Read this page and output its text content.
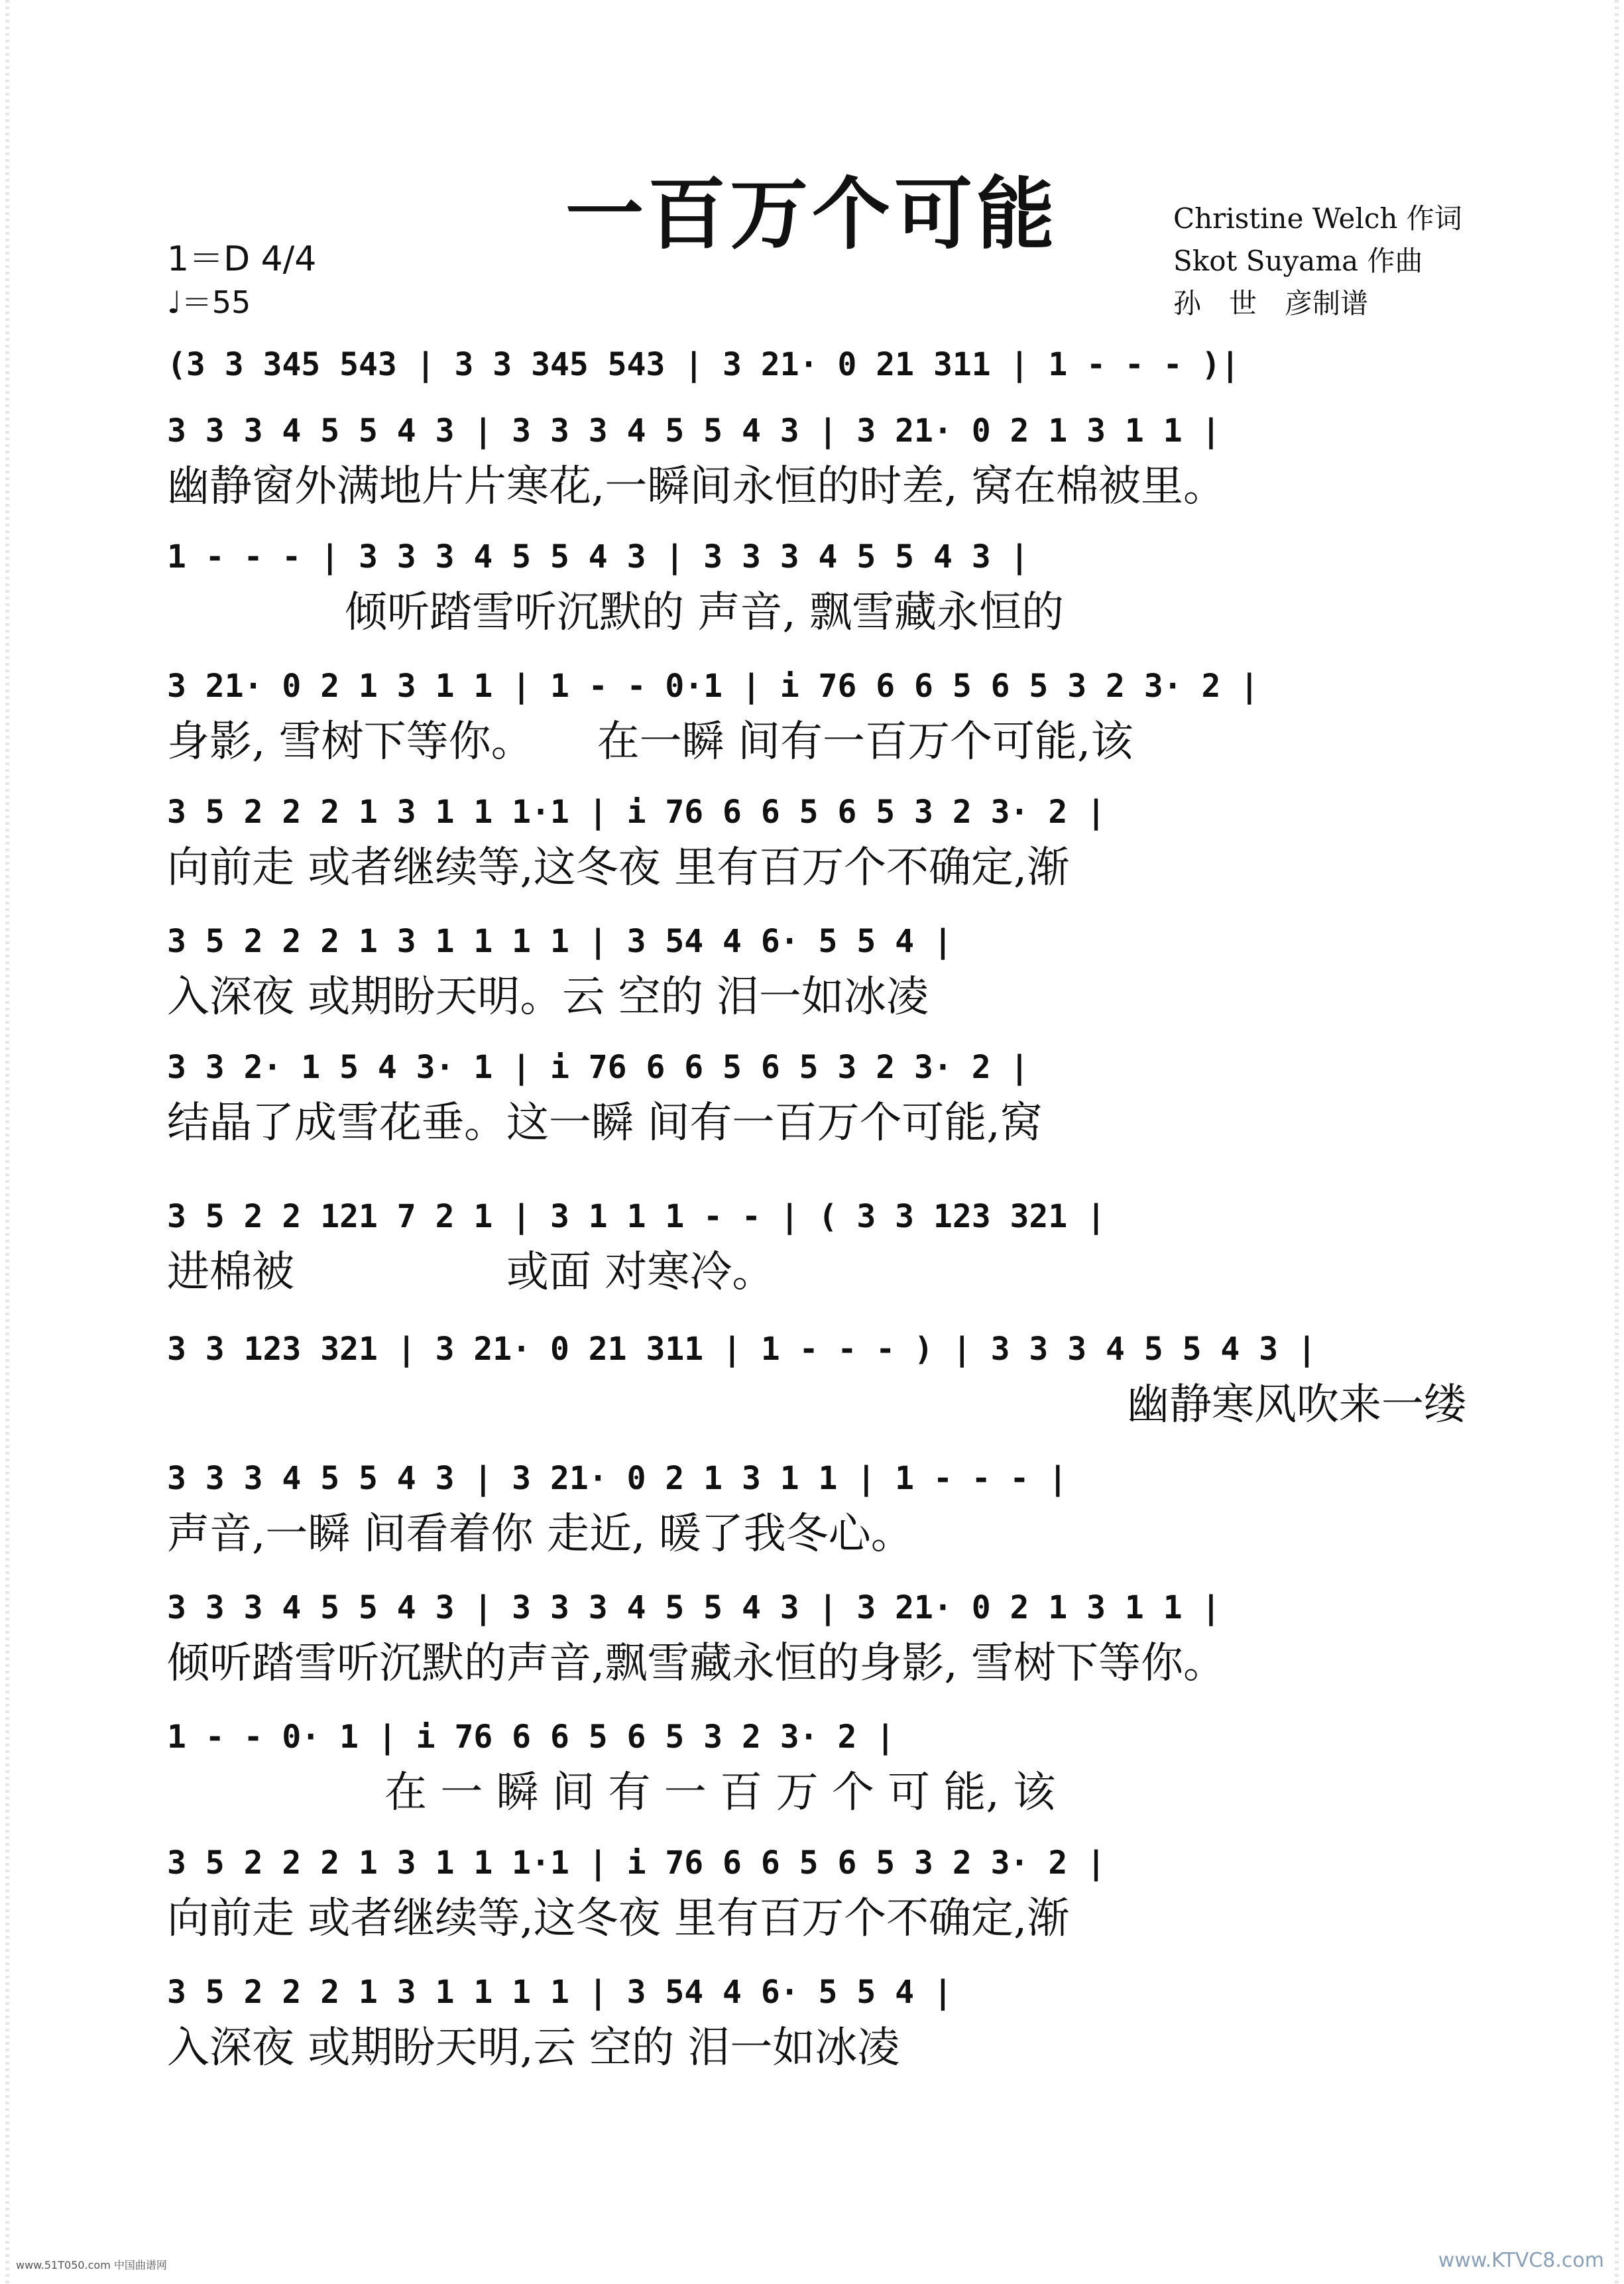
一百万个可能	Christine Welch 作词
Skot Suyama 作曲
孙　世　彦制谱
1＝D 4/4
♩＝55
(3 3 345 543 | 3 3 345 543 | 3 21· 0 21 311 | 1 - - - )|
3 3 3 4 5 5 4 3 | 3 3 3 4 5 5 4 3 | 3 21· 0 2 1 3 1 1 |
幽静窗外满地片片寒花,一瞬间永恒的时差, 窝在棉被里。
1 - - - | 3 3 3 4 5 5 4 3 | 3 3 3 4 5 5 4 3 |
倾听踏雪听沉默的 声音, 飘雪藏永恒的
3 21· 0 2 1 3 1 1 | 1 - - 0·1 | i 76 6 6 5 6 5 3 2 3· 2 |
身影, 雪树下等你。　　在一瞬 间有一百万个可能,该
3 5 2 2 2 1 3 1 1 1·1 | i 76 6 6 5 6 5 3 2 3· 2 |
向前走 或者继续等,这冬夜 里有百万个不确定,渐
3 5 2 2 2 1 3 1 1 1 1 | 3 54 4 6· 5 5 4 |
入深夜 或期盼天明。云 空的 泪一如冰凌
3 3 2· 1 5 4 3· 1 | i 76 6 6 5 6 5 3 2 3· 2 |
结晶了成雪花垂。这一瞬 间有一百万个可能,窝
3 5 2 2 121 7 2 1 | 3 1 1 1 - - | ( 3 3 123 321 |
进棉被　　　　　或面 对寒冷。
3 3 123 321 | 3 21· 0 21 311 | 1 - - - ) | 3 3 3 4 5 5 4 3 |
幽静寒风吹来一缕
3 3 3 4 5 5 4 3 | 3 21· 0 2 1 3 1 1 | 1 - - - |
声音,一瞬 间看着你 走近, 暖了我冬心。
3 3 3 4 5 5 4 3 | 3 3 3 4 5 5 4 3 | 3 21· 0 2 1 3 1 1 |
倾听踏雪听沉默的声音,飘雪藏永恒的身影, 雪树下等你。
1 - - 0· 1 | i 76 6 6 5 6 5 3 2 3· 2 |
在 一 瞬 间 有 一 百 万 个 可 能, 该
3 5 2 2 2 1 3 1 1 1·1 | i 76 6 6 5 6 5 3 2 3· 2 |
向前走 或者继续等,这冬夜 里有百万个不确定,渐
3 5 2 2 2 1 3 1 1 1 1 | 3 54 4 6· 5 5 4 |
入深夜 或期盼天明,云 空的 泪一如冰凌
www.51T050.com 中国曲谱网	www.KTVC8.com
